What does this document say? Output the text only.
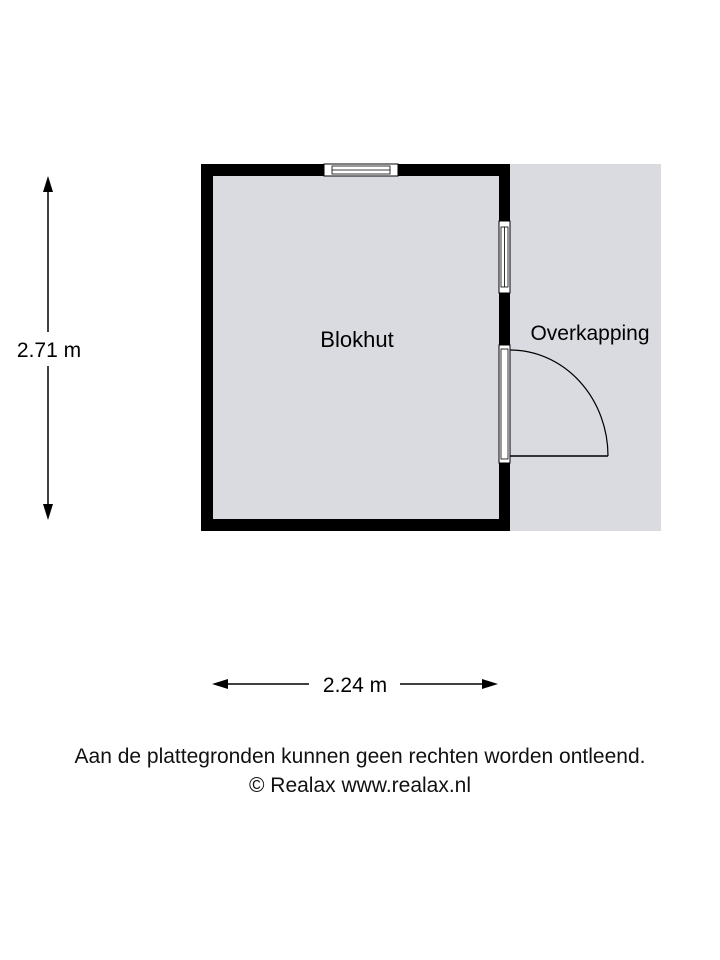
Blokhut	Overkapping
2.71 m
2.24 m
Aan de plattegronden kunnen geen rechten worden ontleend.
© Realax www.realax.nl
